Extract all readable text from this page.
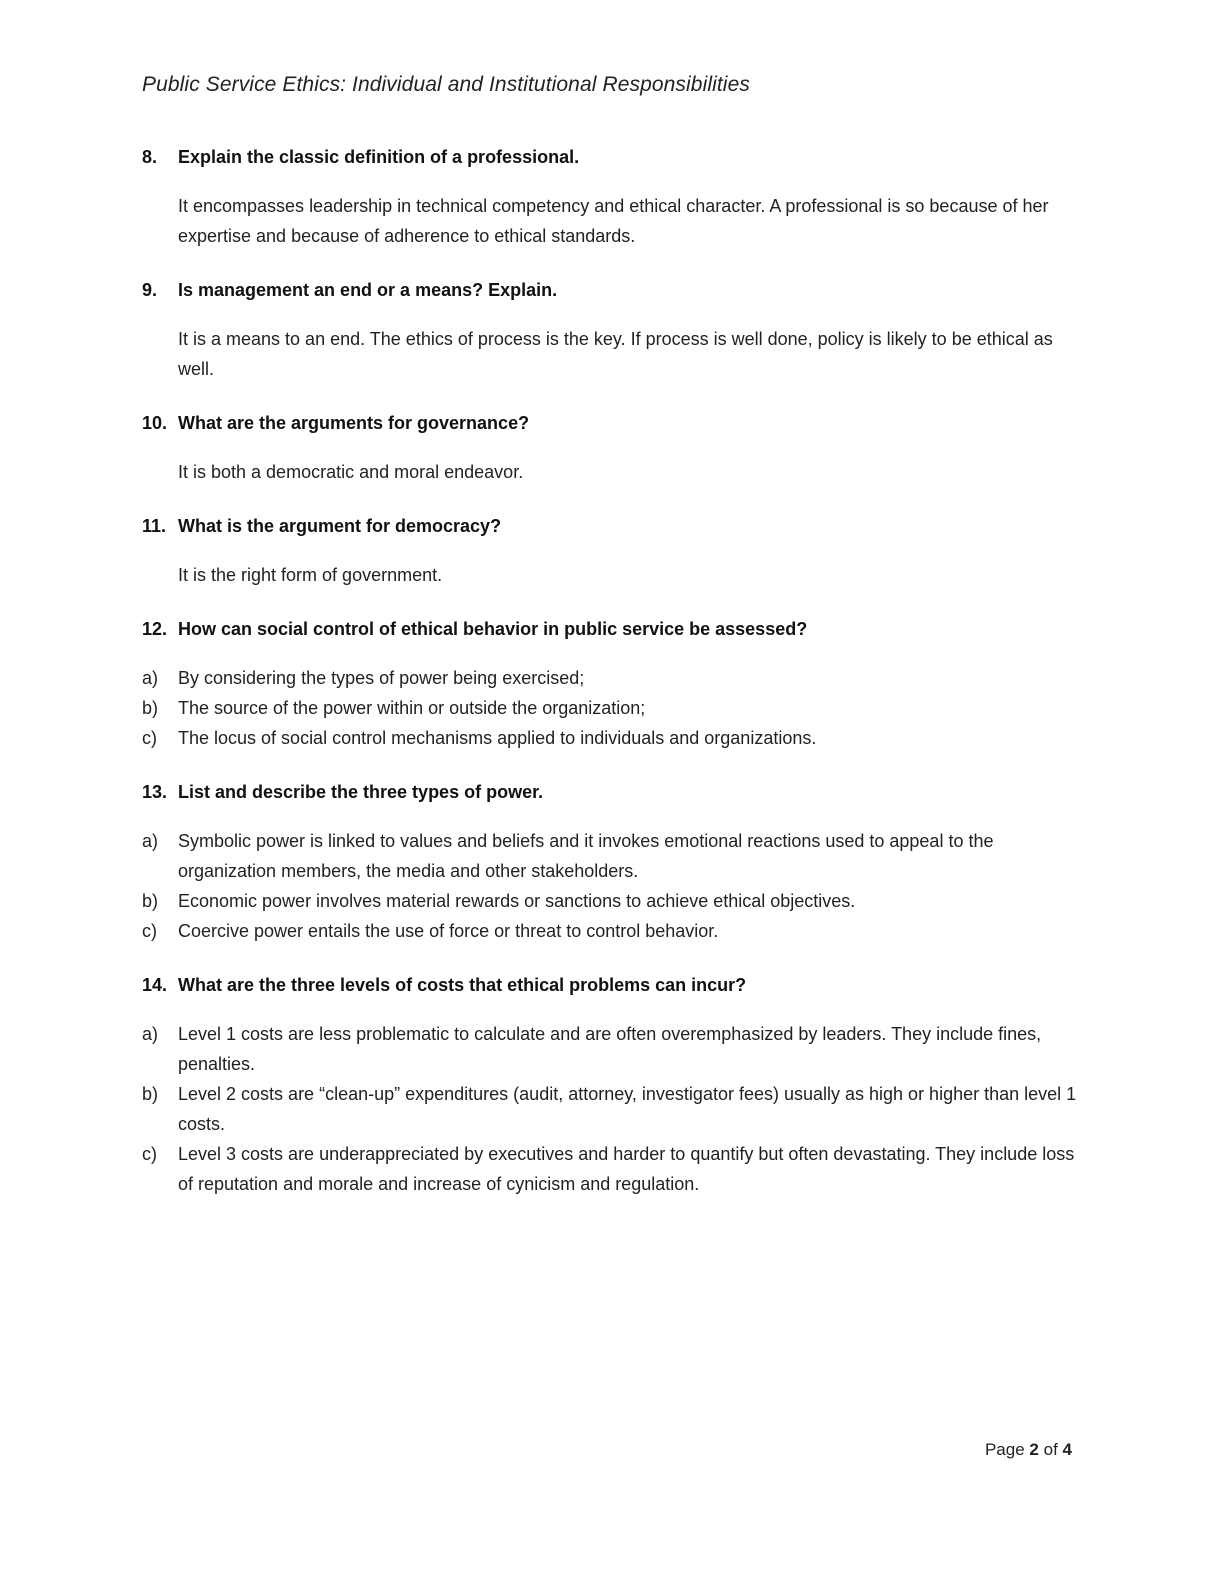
Public Service Ethics: Individual and Institutional Responsibilities
8.	Explain the classic definition of a professional.

It encompasses leadership in technical competency and ethical character. A professional is so because of her expertise and because of adherence to ethical standards.

9.	Is management an end or a means? Explain.

It is a means to an end. The ethics of process is the key. If process is well done, policy is likely to be ethical as well.

10. What are the arguments for governance?

It is both a democratic and moral endeavor.

11. What is the argument for democracy?

It is the right form of government.

12. How can social control of ethical behavior in public service be assessed?
a)	By considering the types of power being exercised;
b)	The source of the power within or outside the organization;
c)	The locus of social control mechanisms applied to individuals and organizations.
13. List and describe the three types of power.
a)	Symbolic power is linked to values and beliefs and it invokes emotional reactions used to appeal to the organization members, the media and other stakeholders.
b)	Economic power involves material rewards or sanctions to achieve ethical objectives.
c)	Coercive power entails the use of force or threat to control behavior.
14. What are the three levels of costs that ethical problems can incur?
a)	Level 1 costs are less problematic to calculate and are often overemphasized by leaders. They include fines, penalties.
b)	Level 2 costs are “clean-up” expenditures (audit, attorney, investigator fees) usually as high or higher than level 1 costs.
c)	Level 3 costs are underappreciated by executives and harder to quantify but often devastating. They include loss of reputation and morale and increase of cynicism and regulation.
Page 2 of 4
